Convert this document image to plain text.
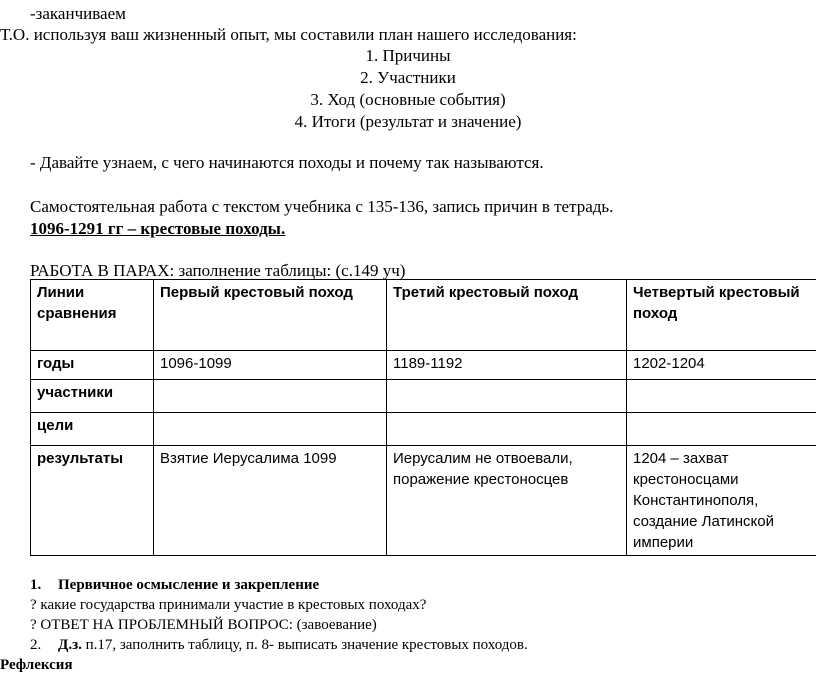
-заканчиваем
Т.О. используя ваш жизненный опыт, мы составили план нашего исследования:
1. Причины
2. Участники
3. Ход (основные события)
4. Итоги (результат и значение)
- Давайте узнаем, с чего начинаются походы и почему так называются.
Самостоятельная работа с текстом учебника с 135-136, запись причин в тетрадь.
1096-1291 гг – крестовые походы.
РАБОТА В ПАРАХ: заполнение таблицы: (с.149 уч)
Линии сравнения	Первый крестовый поход	Третий крестовый поход	Четвертый крестовый поход
годы	1096-1099	1189-1192	1202-1204
участники			
цели			
результаты	Взятие Иерусалима 1099	Иерусалим не отвоевали, поражение крестоносцев	1204 – захват крестоносцами Константинополя, создание Латинской империи
1. Первичное осмысление и закрепление
? какие государства принимали участие в крестовых походах?
? ОТВЕТ НА ПРОБЛЕМНЫЙ ВОПРОС: (завоевание)
2. Д.з. п.17, заполнить таблицу, п. 8- выписать значение крестовых походов.
Рефлексия
